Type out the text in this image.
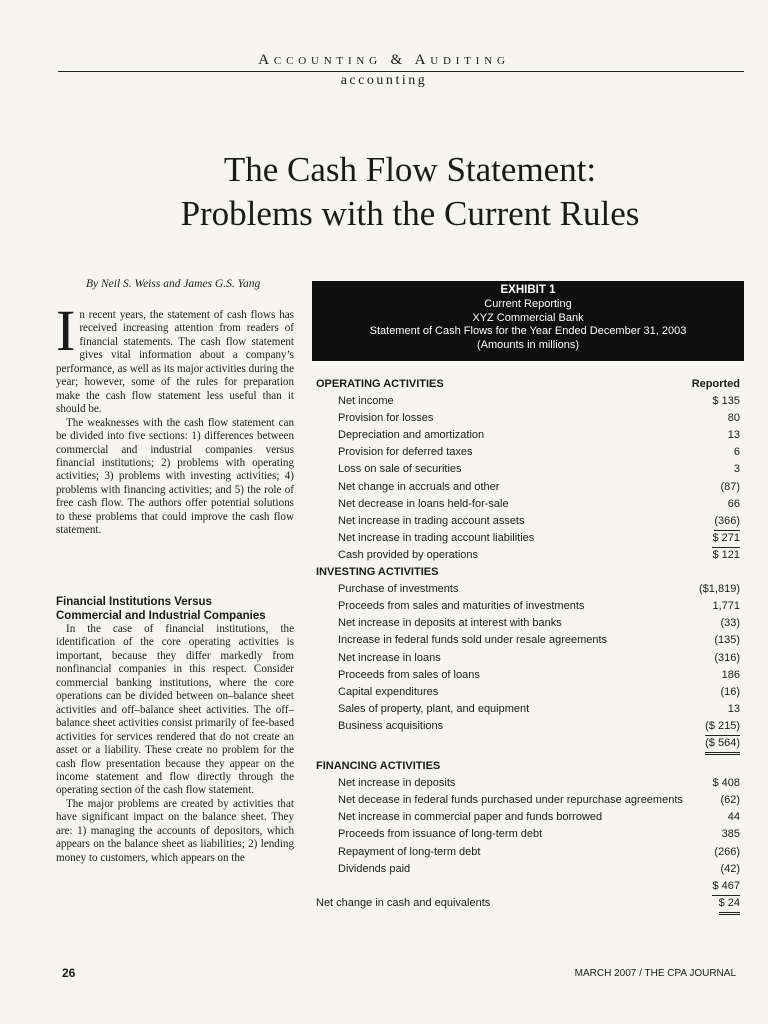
Accounting & Auditing
accounting
The Cash Flow Statement:
Problems with the Current Rules
By Neil S. Weiss and James G.S. Yang

In recent years, the statement of cash flows has received increasing attention from readers of financial statements. The cash flow statement gives vital information about a company’s performance, as well as its major activities during the year; however, some of the rules for preparation make the cash flow statement less useful than it should be.

The weaknesses with the cash flow statement can be divided into five sections: 1) differences between commercial and industrial companies versus financial institutions; 2) problems with operating activities; 3) problems with investing activities; 4) problems with financing activities; and 5) the role of free cash flow. The authors offer potential solutions to these problems that could improve the cash flow statement.

Financial Institutions Versus

Commercial and Industrial Companies

In the case of financial institutions, the identification of the core operating activities is important, because they differ markedly from nonfinancial companies in this respect. Consider commercial banking institutions, where the core operations can be divided between on–balance sheet activities and off–balance sheet activities. The off–balance sheet activities consist primarily of fee-based activities for services rendered that do not create an asset or a liability. These create no problem for the cash flow presentation because they appear on the income statement and flow directly through the operating section of the cash flow statement.

The major problems are created by activities that have significant impact on the balance sheet. They are: 1) managing the accounts of depositors, which appears on the balance sheet as liabilities; 2) lending money to customers, which appears on the

EXHIBIT 1
Current Reporting
XYZ Commercial Bank
Statement of Cash Flows for the Year Ended December 31, 2003
(Amounts in millions)
OPERATING ACTIVITIES	Reported
Net income	$ 135
Provision for losses	80
Depreciation and amortization	13
Provision for deferred taxes	6
Loss on sale of securities	3
Net change in accruals and other	(87)
Net decrease in loans held-for-sale	66
Net increase in trading account assets	(366)
Net increase in trading account liabilities	$ 271
Cash provided by operations	$ 121
INVESTING ACTIVITIES
Purchase of investments	($1,819)
Proceeds from sales and maturities of investments	1,771
Net increase in deposits at interest with banks	(33)
Increase in federal funds sold under resale agreements	(135)
Net increase in loans	(316)
Proceeds from sales of loans	186
Capital expenditures	(16)
Sales of property, plant, and equipment	13
Business acquisitions	($ 215)
($ 564)
FINANCING ACTIVITIES
Net increase in deposits	$ 408
Net decease in federal funds purchased under repurchase agreements	(62)
Net increase in commercial paper and funds borrowed	44
Proceeds from issuance of long-term debt	385
Repayment of long-term debt	(266)
Dividends paid	(42)
$ 467
Net change in cash and equivalents	$ 24
26	MARCH 2007 / THE CPA JOURNAL
